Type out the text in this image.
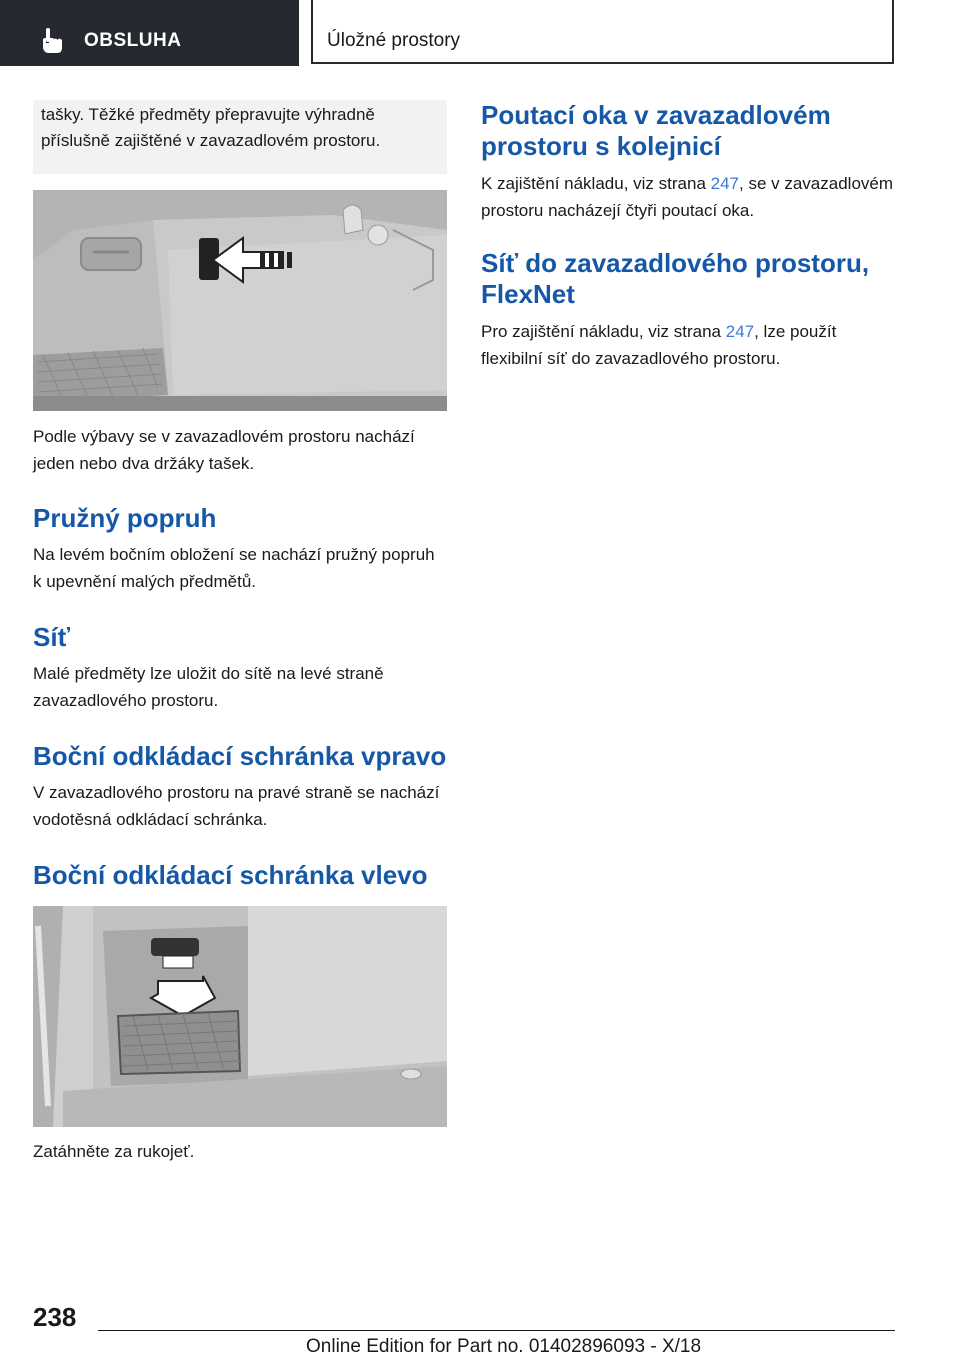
OBSLUHA	Úložné prostory
tašky. Těžké předměty přepravujte výhradně příslušně zajištěné v zavazadlovém prostoru.

Podle výbavy se v zavazadlovém prostoru nachází jeden nebo dva držáky tašek.

Pružný popruh

Na levém bočním obložení se nachází pružný popruh k upevnění malých předmětů.

Síť

Malé předměty lze uložit do sítě na levé straně zavazadlového prostoru.

Boční odkládací schránka vpravo

V zavazadlového prostoru na pravé straně se nachází vodotěsná odkládací schránka.

Boční odkládací schránka vlevo

Zatáhněte za rukojeť.

Poutací oka v zavazadlovém prostoru s kolejnicí

K zajištění nákladu, viz strana 247, se v zavazadlovém prostoru nacházejí čtyři poutací oka.

Síť do zavazadlového prostoru, FlexNet

Pro zajištění nákladu, viz strana 247, lze použít flexibilní síť do zavazadlového prostoru.

238
Online Edition for Part no. 01402896093 - X/18
